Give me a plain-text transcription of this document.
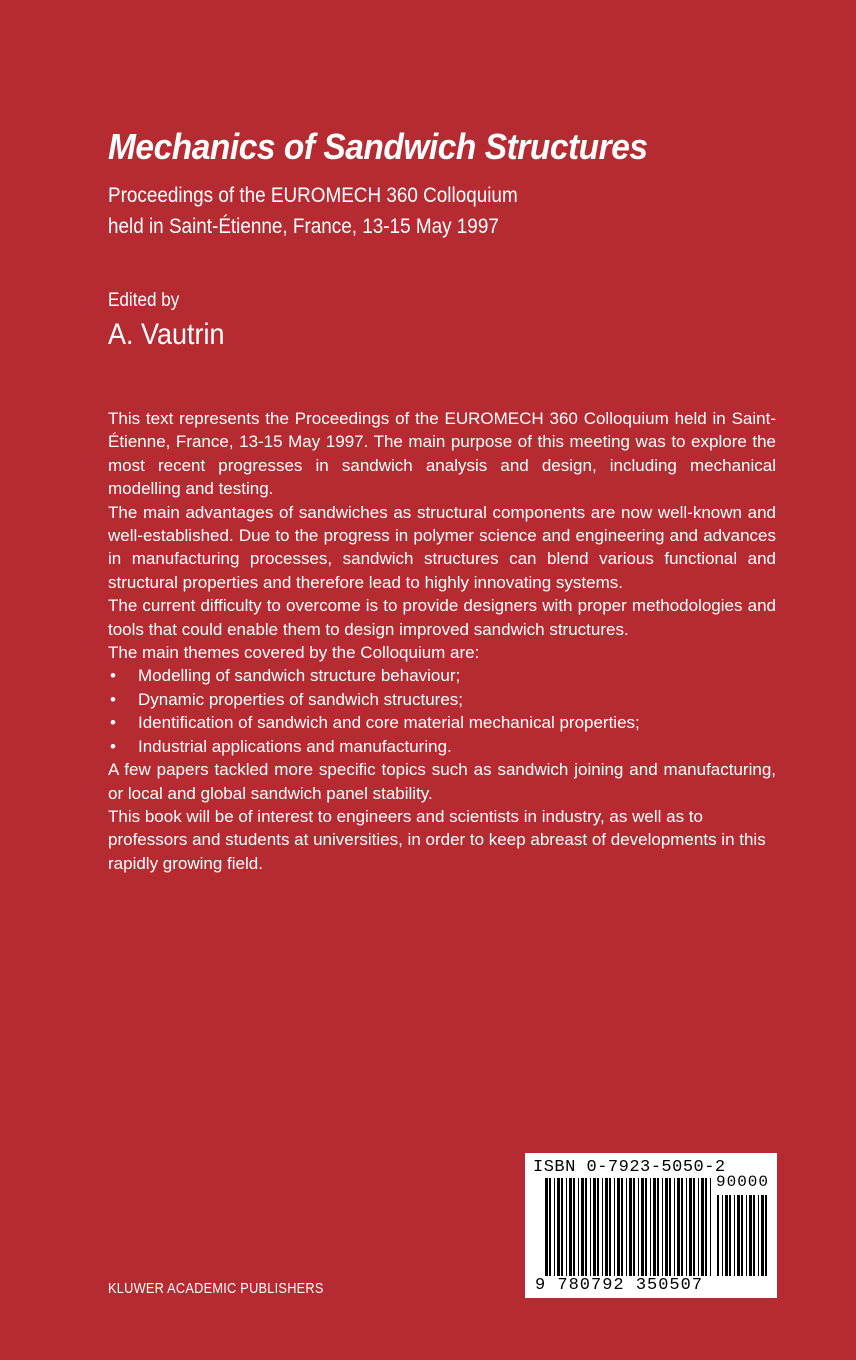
Mechanics of Sandwich Structures
Proceedings of the EUROMECH 360 Colloquium
held in Saint-Étienne, France, 13-15 May 1997
Edited by
A. Vautrin

This text represents the Proceedings of the EUROMECH 360 Colloquium held in Saint-Étienne, France, 13-15 May 1997. The main purpose of this meeting was to explore the most recent progresses in sandwich analysis and design, including mechanical modelling and testing.

The main advantages of sandwiches as structural components are now well-known and well-established. Due to the progress in polymer science and engineering and advances in manufacturing processes, sandwich structures can blend various functional and structural properties and therefore lead to highly innovating systems.

The current difficulty to overcome is to provide designers with proper methodologies and tools that could enable them to design improved sandwich structures.

The main themes covered by the Colloquium are:

• Modelling of sandwich structure behaviour;
• Dynamic properties of sandwich structures;
• Identification of sandwich and core material mechanical properties;
• Industrial applications and manufacturing.

A few papers tackled more specific topics such as sandwich joining and manufacturing, or local and global sandwich panel stability.

This book will be of interest to engineers and scientists in industry, as well as to professors and students at universities, in order to keep abreast of developments in this rapidly growing field.

KLUWER ACADEMIC PUBLISHERS
ISBN 0-7923-5050-2
90000
9 780792 350507
